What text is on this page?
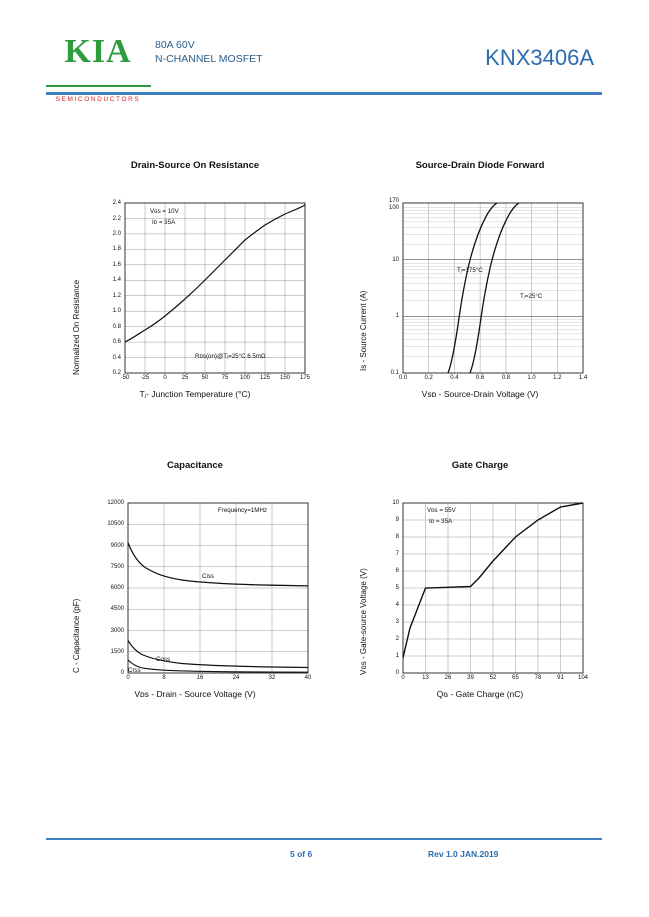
KIA
SEMICONDUCTORS
80A 60V
N-CHANNEL MOSFET	KNX3406A
Drain-Source On Resistance
Normalized On Resistance
-50 -25 0 25 50 75 100 125 150 175
0.2
0.4
0.6
0.8
1.0
1.2
1.4
1.6
1.8
2.0
2.2
2.4
Vɢѕ = 10V
Iᴅ = 35A
Rᴅѕ(on)@Tⱼ=25°C 6.5mΩ
Tⱼ- Junction Temperature (°C)
Source-Drain Diode Forward
Iѕ - Source Current (A)
0.0	0.2	0.4	0.6	0.8	1.0	1.2	1.4
0.1
1
10
100
170
Tⱼ=175°C
Tⱼ=25°C
Vѕᴅ - Source-Drain Voltage (V)
Capacitance
C - Capacitance (pF)
0	8	16	24	32	40
0
1500
3000
4500
6000
7500
9000
10500
12000
Frequency=1MHz
Ciss
Coss
Crss
Vᴅѕ - Drain - Source Voltage (V)
Gate Charge
Vɢѕ - Gate-source Voltage (V)
0	13	26	39	52	65	78	91 104
0
1
2
3
4
5
6
7
8
9
10
Vᴅѕ = 55V
Iᴅ = 35A
Qɢ - Gate Charge (nC)
5 of 6	Rev 1.0 JAN.2019
